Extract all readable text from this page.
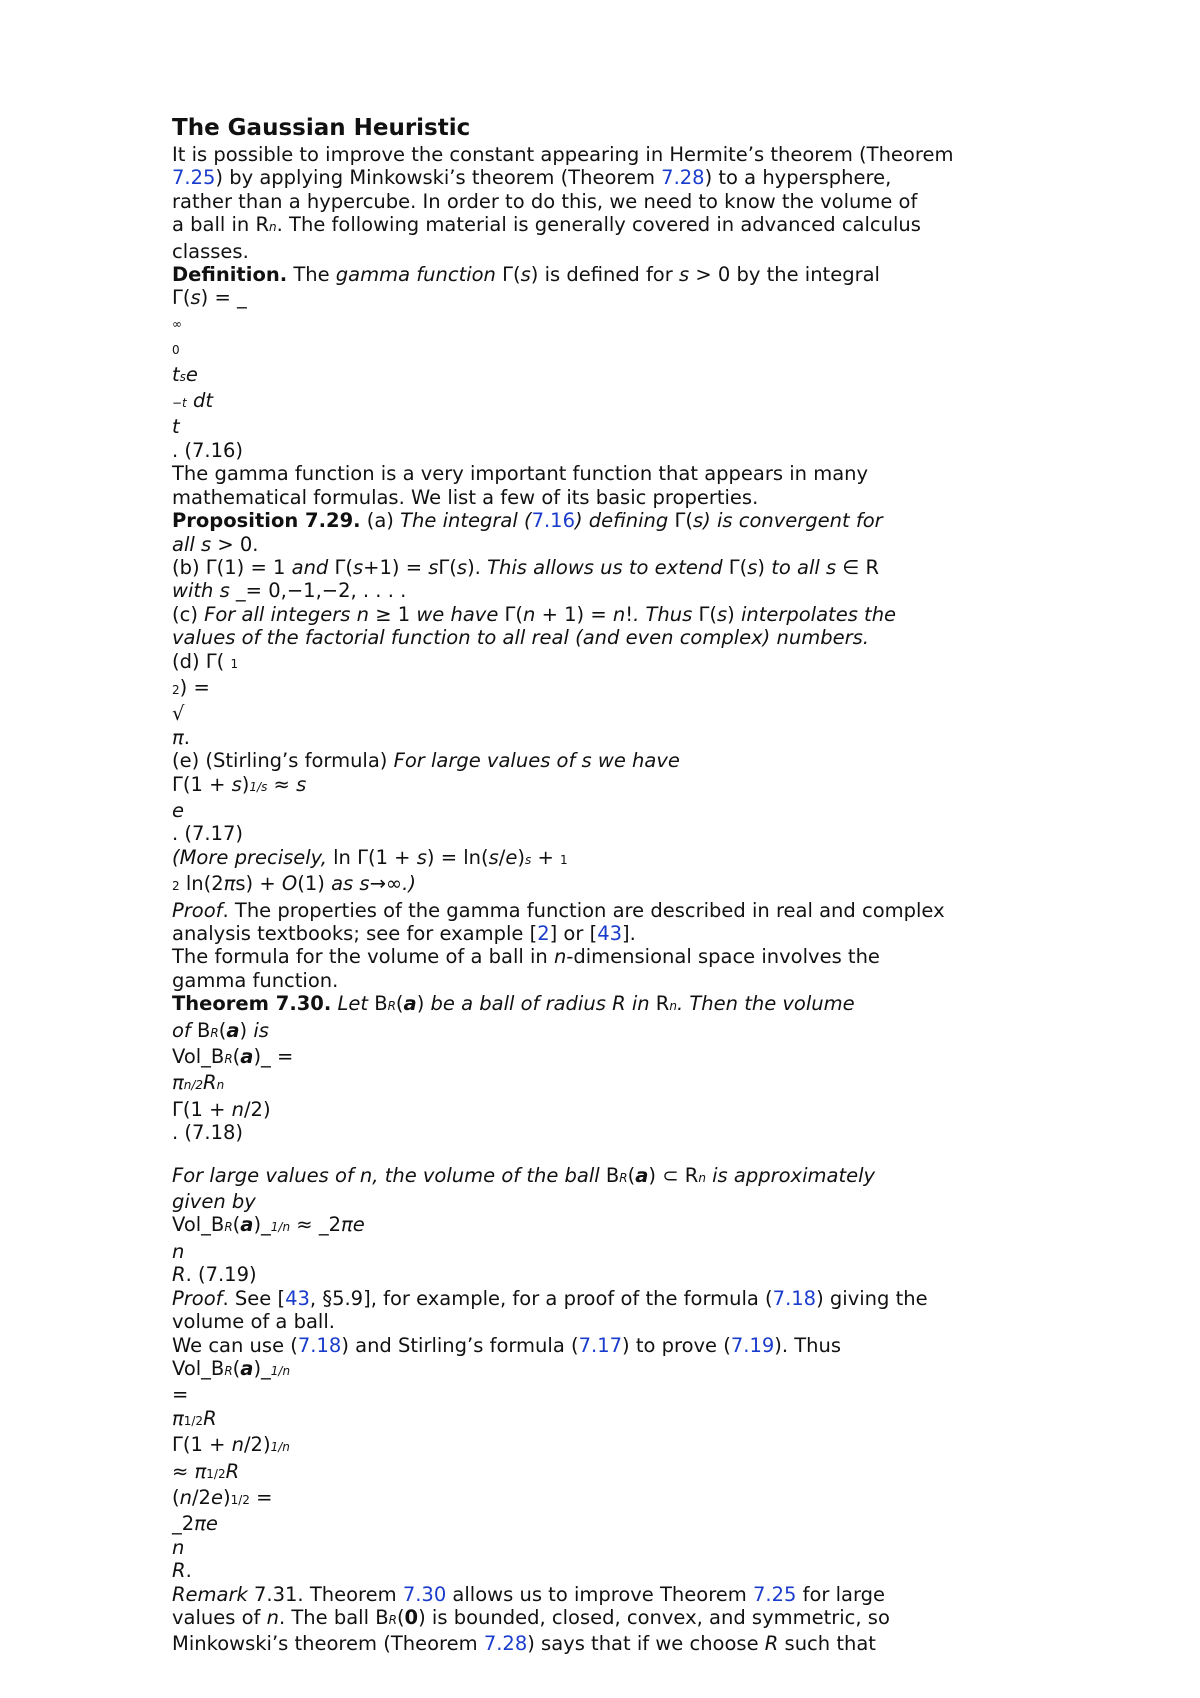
The Gaussian Heuristic
It is possible to improve the constant appearing in Hermite’s theorem (Theorem
7.25) by applying Minkowski’s theorem (Theorem 7.28) to a hypersphere,
rather than a hypercube. In order to do this, we need to know the volume of
a ball in Rn. The following material is generally covered in advanced calculus
classes.
Definition. The gamma function Γ(s) is defined for s > 0 by the integral
Γ(s) = _
∞
0
tse
−t dt
t
. (7.16)
The gamma function is a very important function that appears in many
mathematical formulas. We list a few of its basic properties.
Proposition 7.29. (a) The integral (7.16) defining Γ(s) is convergent for
all s > 0.
(b) Γ(1) = 1 and Γ(s+1) = sΓ(s). This allows us to extend Γ(s) to all s ∈ R
with s _= 0,−1,−2, . . . .
(c) For all integers n ≥ 1 we have Γ(n + 1) = n!. Thus Γ(s) interpolates the
values of the factorial function to all real (and even complex) numbers.
(d) Γ( 1
2) =
√
π.
(e) (Stirling’s formula) For large values of s we have
Γ(1 + s)1/s ≈ s
e
. (7.17)
(More precisely, ln Γ(1 + s) = ln(s/e)s + 1
2 ln(2πs) + O(1) as s→∞.)
Proof. The properties of the gamma function are described in real and complex
analysis textbooks; see for example [2] or [43].
The formula for the volume of a ball in n-dimensional space involves the
gamma function.
Theorem 7.30. Let BR(a) be a ball of radius R in Rn. Then the volume
of BR(a) is
Vol_BR(a)_ =
πn/2Rn
Γ(1 + n/2)
. (7.18)
For large values of n, the volume of the ball BR(a) ⊂ Rn is approximately
given by
Vol_BR(a)_1/n ≈ _2πe
n
R. (7.19)
Proof. See [43, §5.9], for example, for a proof of the formula (7.18) giving the
volume of a ball.
We can use (7.18) and Stirling’s formula (7.17) to prove (7.19). Thus
Vol_BR(a)_1/n
=
π1/2R
Γ(1 + n/2)1/n
≈ π1/2R
(n/2e)1/2 =
_2πe
n
R.
Remark 7.31. Theorem 7.30 allows us to improve Theorem 7.25 for large
values of n. The ball BR(0) is bounded, closed, convex, and symmetric, so
Minkowski’s theorem (Theorem 7.28) says that if we choose R such that
